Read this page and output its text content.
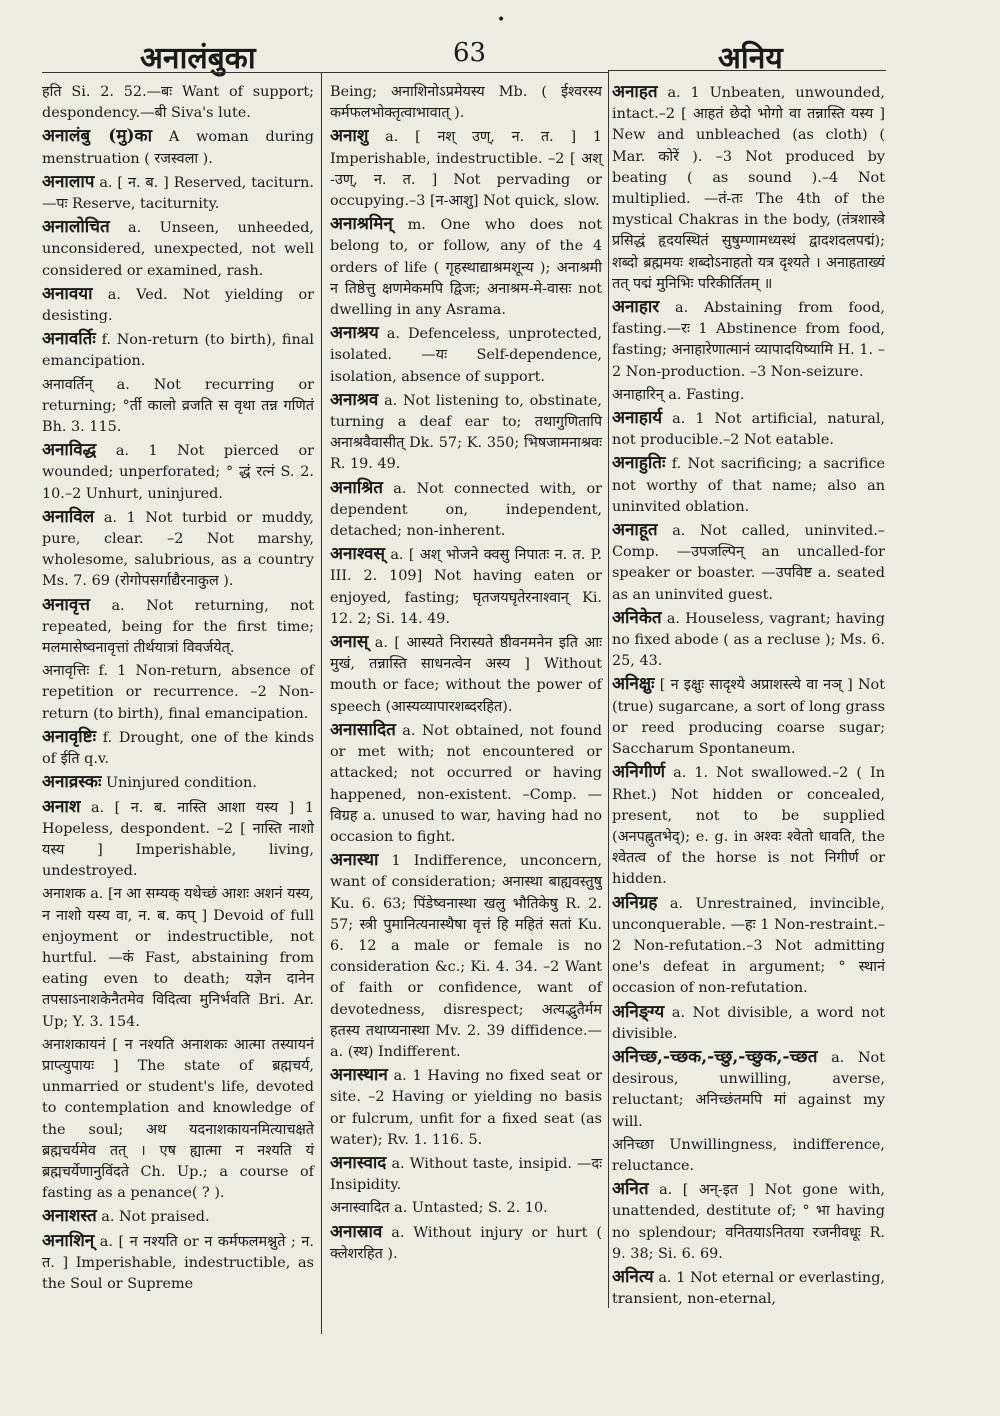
•
अनालंबुका	63	अनिय

हति Si. 2. 52.—बः Want of support; despondency.—बी Siva's lute.

अनालंबु (मु)का A woman during menstruation ( रजस्वला ).

अनालाप a. [ न. ब. ] Reserved, taciturn.—पः Reserve, taciturnity.

अनालोचित a. Unseen, unheeded, unconsidered, unexpected, not well considered or examined, rash.

अनावया a. Ved. Not yielding or desisting.

अनावर्तिः f. Non-return (to birth), final emancipation.

अनावर्तिन् a. Not recurring or returning; °र्ती कालो व्रजति स वृथा तन्न गणितं Bh. 3. 115.

अनाविद्ध a. 1 Not pierced or wounded; unperforated; ° द्धं रत्नं S. 2. 10.–2 Unhurt, uninjured.

अनाविल a. 1 Not turbid or muddy, pure, clear. –2 Not marshy, wholesome, salubrious, as a country Ms. 7. 69 (रोगोपसर्गाद्यैरनाकुल ).

अनावृत्त a. Not returning, not repeated, being for the first time; मलमासेष्वनावृत्तां तीर्थयात्रां विवर्जयेत्.

अनावृत्तिः f. 1 Non-return, absence of repetition or recurrence. –2 Non-return (to birth), final emancipation.

अनावृष्टिः f. Drought, one of the kinds of ईति q.v.

अनाव्रस्कः Uninjured condition.

अनाश a. [ न. ब. नास्ति आशा यस्य ] 1 Hopeless, despondent. –2 [ नास्ति नाशो यस्य ] Imperishable, living, undestroyed.

अनाशक a. [न आ सम्यक् यथेच्छं आशः अशनं यस्य, न नाशो यस्य वा, न. ब. कप् ] Devoid of full enjoyment or indestructible, not hurtful. —कं Fast, abstaining from eating even to death; यज्ञेन दानेन तपसाऽनाशकेनैतमेव विदित्वा मुनिर्भवति Bri. Ar. Up; Y. 3. 154.

अनाशकायनं [ न नश्यति अनाशकः आत्मा तस्यायनं प्राप्त्युपायः ] The state of ब्रह्मचर्य, unmarried or student's life, devoted to contemplation and knowledge of the soul; अथ यदनाशकायनमित्याचक्षते ब्रह्मचर्यमेव तत् । एष ह्यात्मा न नश्यति यं ब्रह्मचर्येणानुविंदते Ch. Up.; a course of fasting as a penance( ? ).

अनाशस्त a. Not praised.

अनाशिन् a. [ न नश्यति or न कर्मफलमश्नुते ; न. त. ] Imperishable, indestructible, as the Soul or Supreme

Being; अनाशिनोऽप्रमेयस्य Mb. ( ईश्वरस्य कर्मफलभोक्तृत्वाभावात् ).

अनाशु a. [ नश् उण्, न. त. ] 1 Imperishable, indestructible. –2 [ अश् -उण्, न. त. ] Not pervading or occupying.–3 [न-आशु] Not quick, slow.

अनाश्रमिन् m. One who does not belong to, or follow, any of the 4 orders of life ( गृहस्थाद्याश्रमशून्य ); अनाश्रमी न तिष्ठेत्तु क्षणमेकमपि द्विजः; अनाश्रम-मे-वासः not dwelling in any Asrama.

अनाश्रय a. Defenceless, unprotected, isolated. —यः Self-dependence, isolation, absence of support.

अनाश्रव a. Not listening to, obstinate, turning a deaf ear to; तथागुणितापि अनाश्रवैवासीत् Dk. 57; K. 350; भिषजामनाश्रवः R. 19. 49.

अनाश्रित a. Not connected with, or dependent on, independent, detached; non-inherent.

अनाश्वस् a. [ अश् भोजने क्वसु निपातः न. त. P. III. 2. 109] Not having eaten or enjoyed, fasting; घृतजयघृतेरनाश्वान् Ki. 12. 2; Si. 14. 49.

अनास् a. [ आस्यते निरास्यते ष्ठीवनमनेन इति आः मुखं, तन्नास्ति साधनत्वेन अस्य ] Without mouth or face; without the power of speech (आस्यव्यापारशब्दरहित).

अनासादित a. Not obtained, not found or met with; not encountered or attacked; not occurred or having happened, non-existent. –Comp. —विग्रह a. unused to war, having had no occasion to fight.

अनास्था 1 Indifference, unconcern, want of consideration; अनास्था बाह्यवस्तुषु Ku. 6. 63; पिंडेष्वनास्था खलु भौतिकेषु R. 2. 57; स्त्री पुमानित्यनास्थैषा वृत्तं हि महितं सतां Ku. 6. 12 a male or female is no consideration &c.; Ki. 4. 34. –2 Want of faith or confidence, want of devotedness, disrespect; अत्यद्भुतैर्मम हतस्य तथाप्यनास्था Mv. 2. 39 diffidence.—a. (स्थ) Indifferent.

अनास्थान a. 1 Having no fixed seat or site. –2 Having or yielding no basis or fulcrum, unfit for a fixed seat (as water); Rv. 1. 116. 5.

अनास्वाद a. Without taste, insipid. —दः Insipidity.

अनास्वादित a. Untasted; S. 2. 10.

अनास्राव a. Without injury or hurt ( क्लेशरहित ).

अनाहत a. 1 Unbeaten, unwounded, intact.–2 [ आहतं छेदो भोगो वा तन्नास्ति यस्य ] New and unbleached (as cloth) ( Mar. कोरें ). –3 Not produced by beating ( as sound ).–4 Not multiplied. —तं-तः The 4th of the mystical Chakras in the body, (तंत्रशास्त्रे प्रसिद्धं हृदयस्थितं सुषुम्णामध्यस्थं द्वादशदलपद्मं); शब्दो ब्रह्ममयः शब्दोऽनाहतो यत्र दृश्यते । अनाहताख्यं तत् पद्मं मुनिभिः परिकीर्तितम् ॥

अनाहार a. Abstaining from food, fasting.—रः 1 Abstinence from food, fasting; अनाहारेणात्मानं व्यापादयिष्यामि H. 1. –2 Non-production. –3 Non-seizure.

अनाहारिन् a. Fasting.

अनाहार्य a. 1 Not artificial, natural, not producible.–2 Not eatable.

अनाहुतिः f. Not sacrificing; a sacrifice not worthy of that name; also an uninvited oblation.

अनाहूत a. Not called, uninvited.–Comp. —उपजल्पिन् an uncalled-for speaker or boaster. —उपविष्ट a. seated as an uninvited guest.

अनिकेत a. Houseless, vagrant; having no fixed abode ( as a recluse ); Ms. 6. 25, 43.

अनिक्षुः [ न इक्षुः सादृश्ये अप्राशस्त्ये वा नञ् ] Not (true) sugarcane, a sort of long grass or reed producing coarse sugar; Saccharum Spontaneum.

अनिगीर्ण a. 1. Not swallowed.–2 ( In Rhet.) Not hidden or concealed, present, not to be supplied (अनपह्नुतभेद्); e. g. in अश्वः श्वेतो धावति, the श्वेतत्व of the horse is not निगीर्ण or hidden.

अनिग्रह a. Unrestrained, invincible, unconquerable. —हः 1 Non-restraint.–2 Non-refutation.–3 Not admitting one's defeat in argument; ° स्थानं occasion of non-refutation.

अनिङ्ग्य a. Not divisible, a word not divisible.

अनिच्छ,-च्छक,-च्छु,-च्छुक,-च्छत a. Not desirous, unwilling, averse, reluctant; अनिच्छंतमपि मां against my will.

अनिच्छा Unwillingness, indifference, reluctance.

अनित a. [ अन्-इत ] Not gone with, unattended, destitute of; ° भा having no splendour; वनितयाऽनितया रजनीवधूः R. 9. 38; Si. 6. 69.

अनित्य a. 1 Not eternal or everlasting, transient, non-eternal,
